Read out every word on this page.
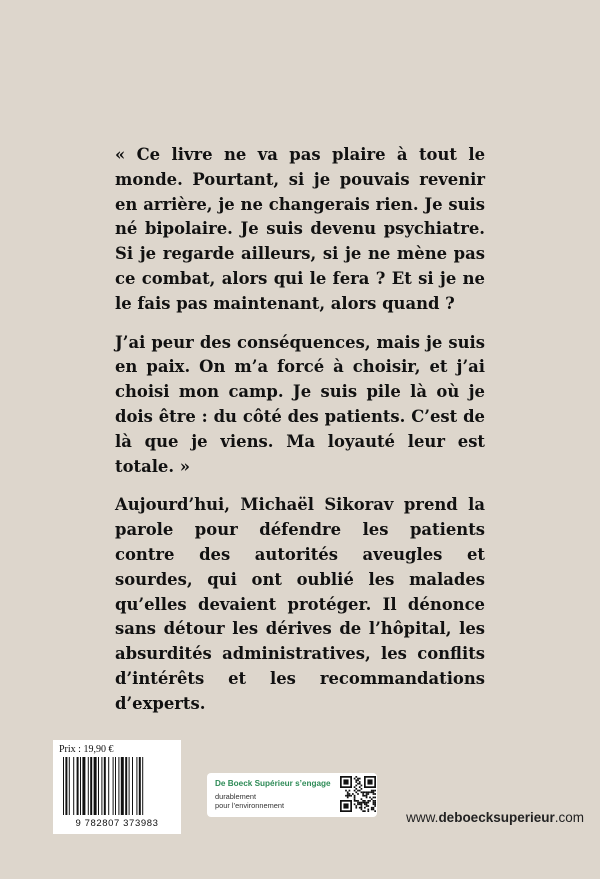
« Ce livre ne va pas plaire à tout le monde. Pourtant, si je pouvais revenir en arrière, je ne changerais rien. Je suis né bipolaire. Je suis devenu psychiatre. Si je regarde ailleurs, si je ne mène pas ce combat, alors qui le fera ? Et si je ne le fais pas maintenant, alors quand ?

J’ai peur des conséquences, mais je suis en paix. On m’a forcé à choisir, et j’ai choisi mon camp. Je suis pile là où je dois être : du côté des patients. C’est de là que je viens. Ma loyauté leur est totale. »

Aujourd’hui, Michaël Sikorav prend la parole pour défendre les patients contre des autorités aveugles et sourdes, qui ont oublié les malades qu’elles devaient protéger. Il dénonce sans détour les dérives de l’hôpital, les absurdités administratives, les conflits d’intérêts et les recommandations d’experts.

Prix : 19,90 €
9 782807 373983
De Boeck Supérieur s’engage
durablement
pour l’environnement
www.deboecksuperieur.com
